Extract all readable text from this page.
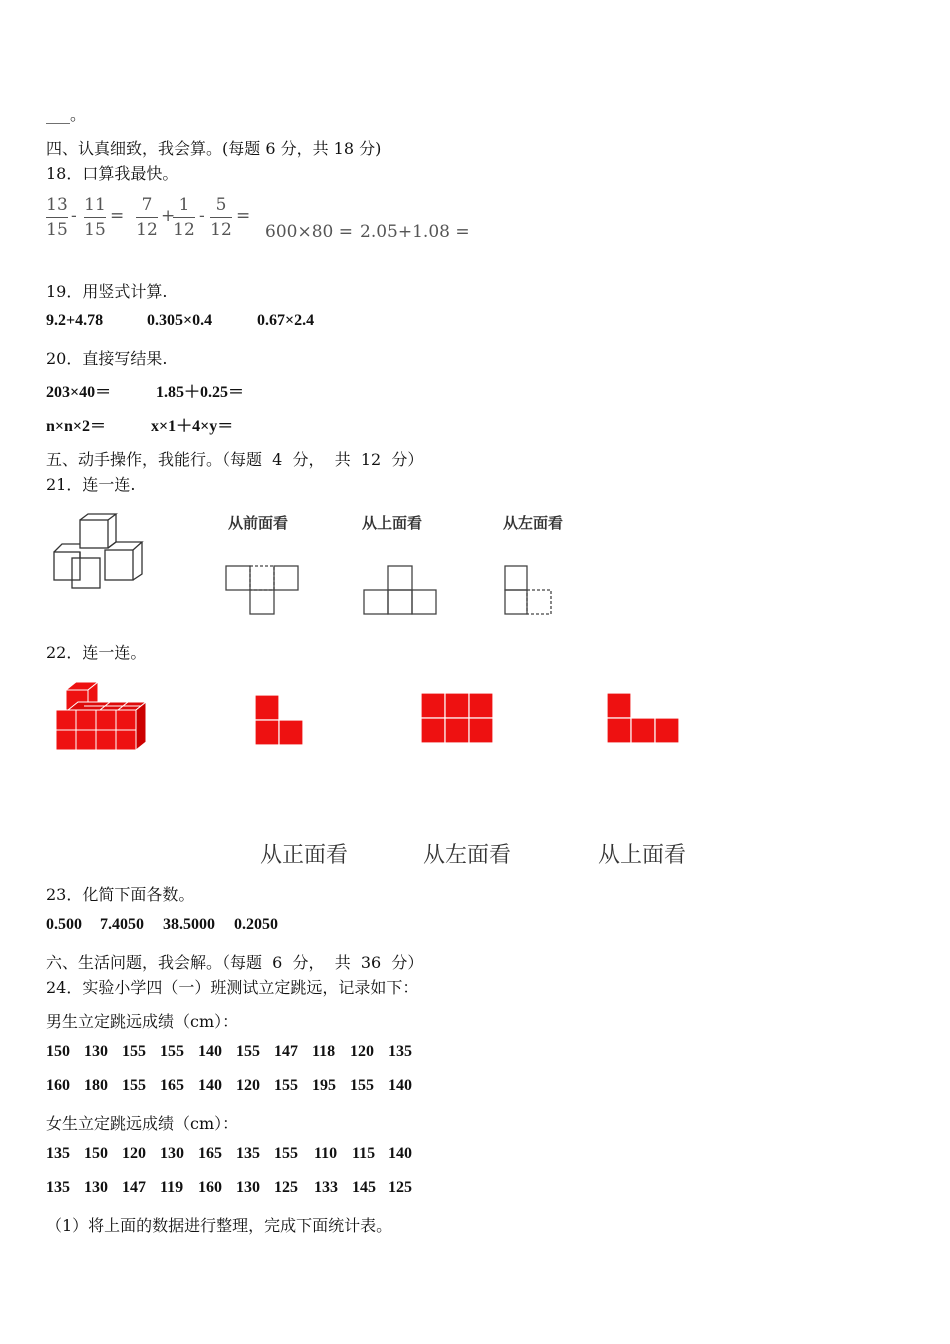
___。
四、认真细致，我会算。(每题 6 分，共 18 分)
18．口算我最快。
13
15
-
11
15
=
7
12
+
1
12
-
5
12
=
600×80 = 2.05+1.08 =
19．用竖式计算.
9.2+4.78	0.305×0.4	0.67×2.4
20．直接写结果.
203×40＝	1.85＋0.25＝
n×n×2＝	x×1＋4×y＝
五、动手操作，我能行。（每题  4  分，  共  12  分）
21．连一连.
从前面看	从上面看	从左面看
22．连一连。
从正面看	从左面看	从上面看
23．化简下面各数。
0.500 7.4050 38.5000 0.2050
六、生活问题，我会解。（每题  6  分，  共  36  分）
24．实验小学四（一）班测试立定跳远，记录如下：
男生立定跳远成绩（cm）：
150 130 155 155 140 155 147 118 120 135
160 180 155 165 140 120 155 195 155 140
女生立定跳远成绩（cm）：
135 150 120 130 165 135 155 110 115 140
135 130 147 119 160 130 125 133 145 125
（1）将上面的数据进行整理，完成下面统计表。
